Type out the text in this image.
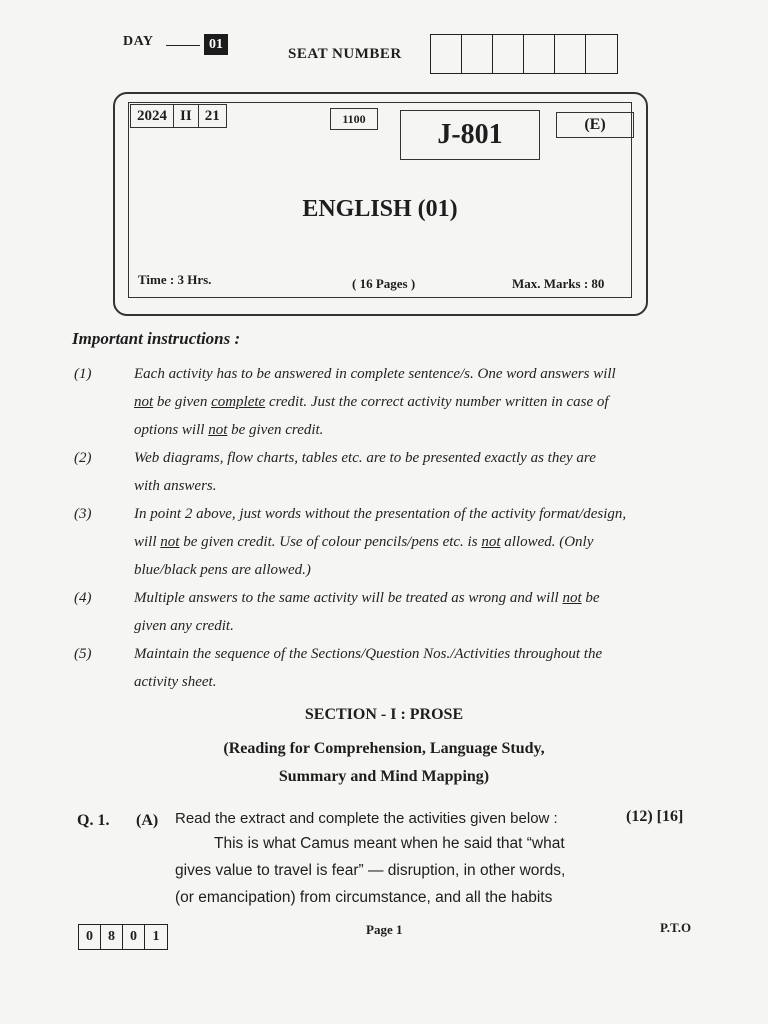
DAY	01
SEAT NUMBER
2024 II 21	1100	J-801	(E)
ENGLISH (01)
Time : 3 Hrs.	( 16 Pages )	Max. Marks : 80
Important instructions :
(1)	Each activity has to be answered in complete sentence/s. One word answers will
not be given complete credit. Just the correct activity number written in case of
options will not be given credit.
(2)	Web diagrams, flow charts, tables etc. are to be presented exactly as they are
with answers.
(3)	In point 2 above, just words without the presentation of the activity format/design,
will not be given credit. Use of colour pencils/pens etc. is not allowed. (Only
blue/black pens are allowed.)
(4)	Multiple answers to the same activity will be treated as wrong and will not be
given any credit.
(5)	Maintain the sequence of the Sections/Question Nos./Activities throughout the
activity sheet.
SECTION - I : PROSE
(Reading for Comprehension, Language Study,
Summary and Mind Mapping)
Q. 1. (A) Read the extract and complete the activities given below :	(12) [16]
This is what Camus meant when he said that “what
gives value to travel is fear” — disruption, in other words,
(or emancipation) from circumstance, and all the habits
0	8	0	1	Page 1	P.T.O
